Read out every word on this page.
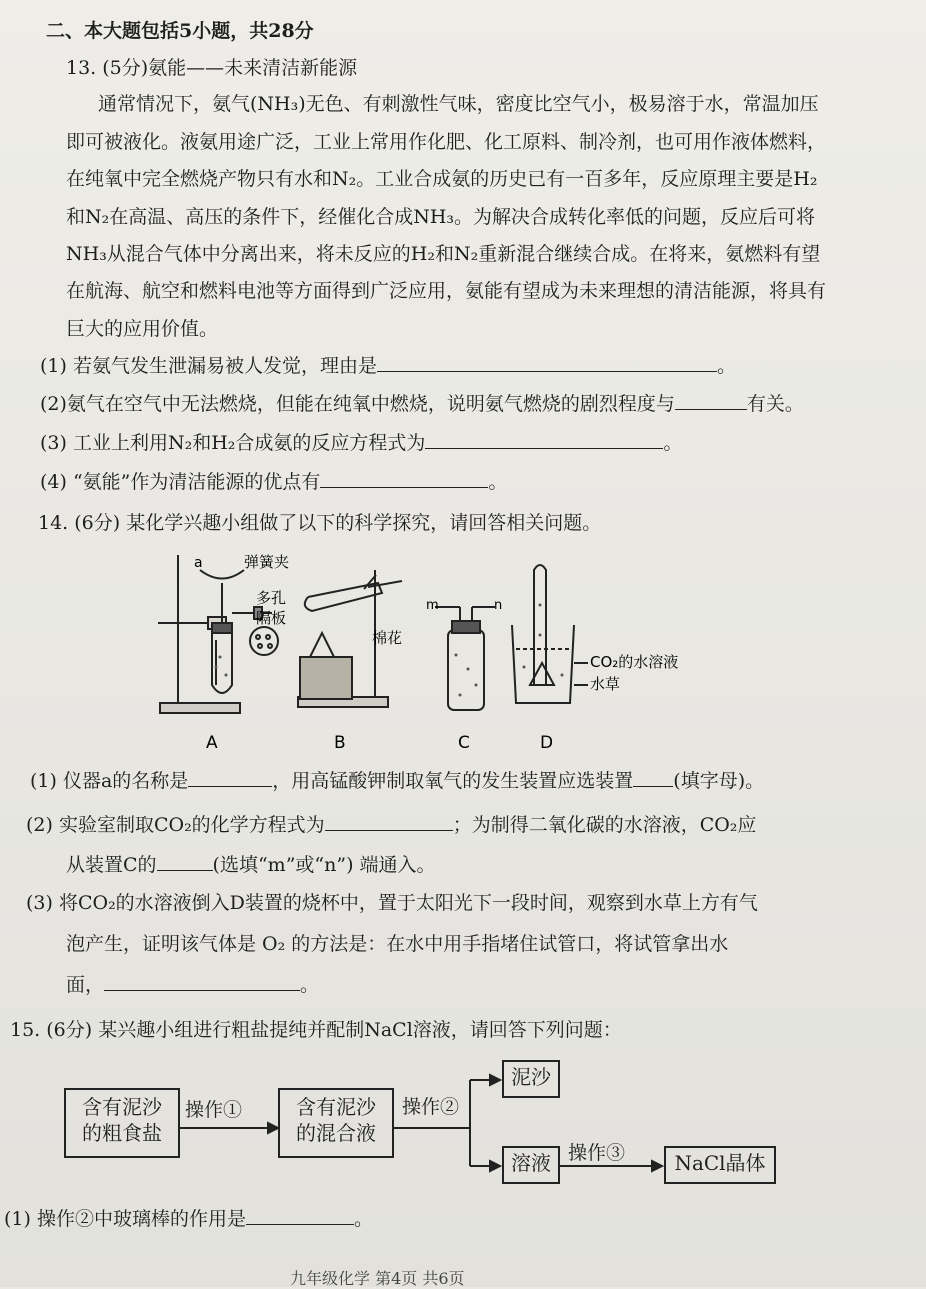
二、本大题包括5小题，共28分
13. (5分)氨能——未来清洁新能源
通常情况下，氨气(NH₃)无色、有刺激性气味，密度比空气小，极易溶于水，常温加压
即可被液化。液氨用途广泛，工业上常用作化肥、化工原料、制冷剂，也可用作液体燃料，
在纯氧中完全燃烧产物只有水和N₂。工业合成氨的历史已有一百多年，反应原理主要是H₂
和N₂在高温、高压的条件下，经催化合成NH₃。为解决合成转化率低的问题，反应后可将
NH₃从混合气体中分离出来，将未反应的H₂和N₂重新混合继续合成。在将来，氨燃料有望
在航海、航空和燃料电池等方面得到广泛应用，氨能有望成为未来理想的清洁能源，将具有
巨大的应用价值。
(1) 若氨气发生泄漏易被人发觉，理由是	。
(2)氨气在空气中无法燃烧，但能在纯氧中燃烧，说明氨气燃烧的剧烈程度与	有关。
(3) 工业上利用N₂和H₂合成氨的反应方程式为	。
(4) “氨能”作为清洁能源的优点有	。
14. (6分) 某化学兴趣小组做了以下的科学探究，请回答相关问题。
a	弹簧夹
多孔
隔板
棉花
m	n
CO₂的水溶液
水草
A	B	C	D
(1) 仪器a的名称是	，用高锰酸钾制取氧气的发生装置应选装置 (填字母)。
(2) 实验室制取CO₂的化学方程式为	；为制得二氧化碳的水溶液，CO₂应
从装置C的	(选填“m”或“n”) 端通入。
(3) 将CO₂的水溶液倒入D装置的烧杯中，置于太阳光下一段时间，观察到水草上方有气
泡产生，证明该气体是 O₂ 的方法是：在水中用手指堵住试管口，将试管拿出水
面，	。
15. (6分) 某兴趣小组进行粗盐提纯并配制NaCl溶液，请回答下列问题：
含有泥沙
的粗食盐
操作①	含有泥沙
的混合液
操作②
泥沙
溶液 操作③	NaCl晶体
(1) 操作②中玻璃棒的作用是	。
九年级化学 第4页 共6页
